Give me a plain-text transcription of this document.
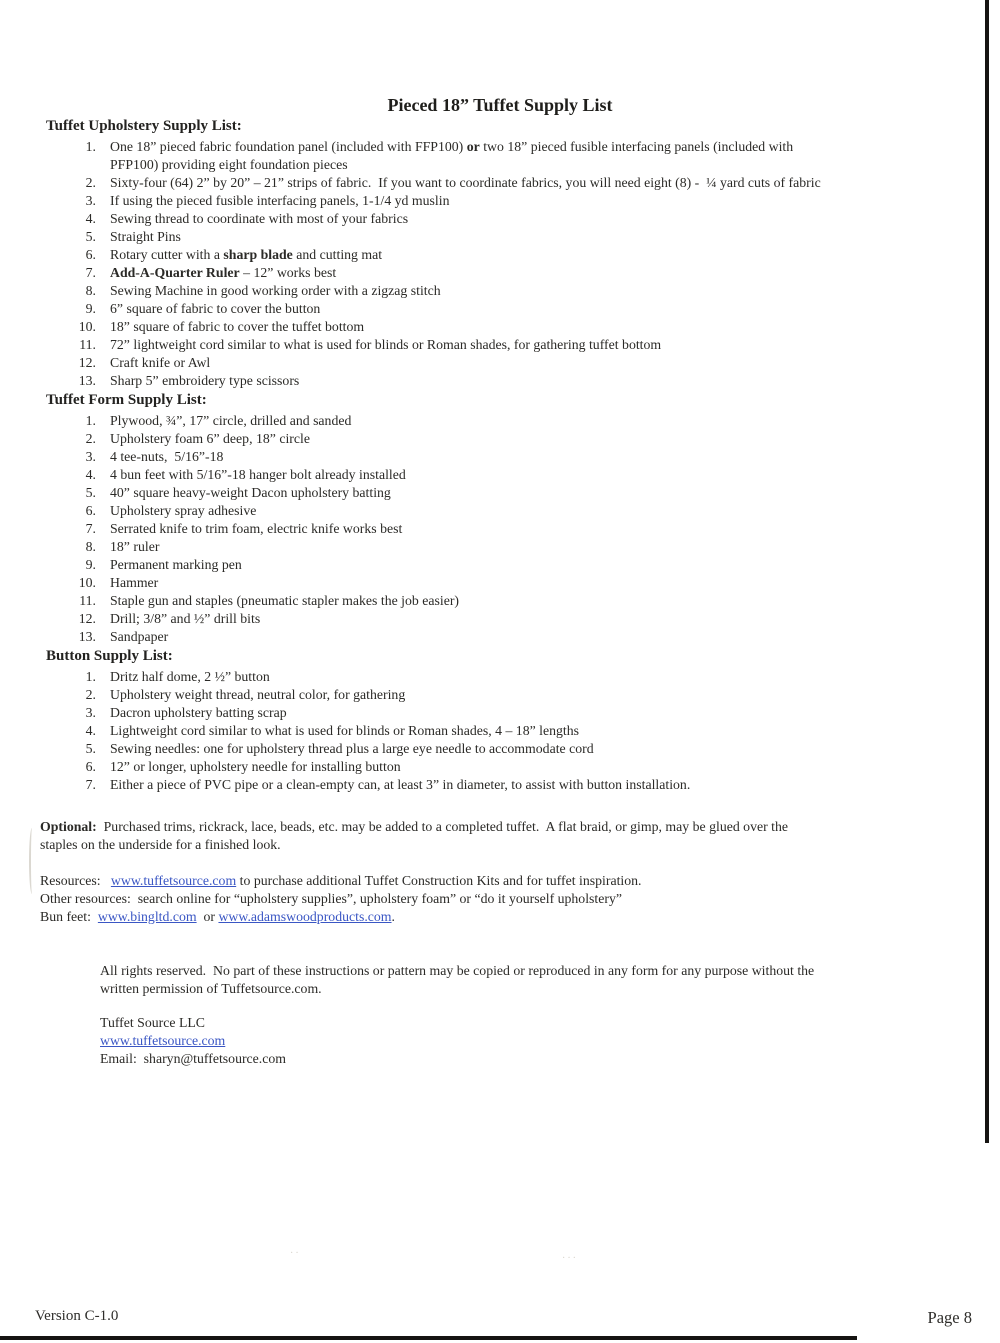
Pieced 18” Tuffet Supply List
Tuffet Upholstery Supply List:
1. One 18” pieced fabric foundation panel (included with FFP100) or two 18” pieced fusible interfacing panels (included with
PFP100) providing eight foundation pieces
2. Sixty-four (64) 2” by 20” – 21” strips of fabric.  If you want to coordinate fabrics, you will need eight (8) -  ¼ yard cuts of fabric
3. If using the pieced fusible interfacing panels, 1-1/4 yd muslin
4. Sewing thread to coordinate with most of your fabrics
5. Straight Pins
6. Rotary cutter with a sharp blade and cutting mat
7. Add-A-Quarter Ruler – 12” works best
8. Sewing Machine in good working order with a zigzag stitch
9. 6” square of fabric to cover the button
10. 18” square of fabric to cover the tuffet bottom
11. 72” lightweight cord similar to what is used for blinds or Roman shades, for gathering tuffet bottom
12. Craft knife or Awl
13. Sharp 5” embroidery type scissors
Tuffet Form Supply List:
1. Plywood, ¾”, 17” circle, drilled and sanded
2. Upholstery foam 6” deep, 18” circle
3. 4 tee-nuts,  5/16”-18
4. 4 bun feet with 5/16”-18 hanger bolt already installed
5. 40” square heavy-weight Dacon upholstery batting
6. Upholstery spray adhesive
7. Serrated knife to trim foam, electric knife works best
8. 18” ruler
9. Permanent marking pen
10. Hammer
11. Staple gun and staples (pneumatic stapler makes the job easier)
12. Drill; 3/8” and ½” drill bits
13. Sandpaper
Button Supply List:
1. Dritz half dome, 2 ½” button
2. Upholstery weight thread, neutral color, for gathering
3. Dacron upholstery batting scrap
4. Lightweight cord similar to what is used for blinds or Roman shades, 4 – 18” lengths
5. Sewing needles: one for upholstery thread plus a large eye needle to accommodate cord
6. 12” or longer, upholstery needle for installing button
7. Either a piece of PVC pipe or a clean-empty can, at least 3” in diameter, to assist with button installation.
Optional:  Purchased trims, rickrack, lace, beads, etc. may be added to a completed tuffet.  A flat braid, or gimp, may be glued over the
staples on the underside for a finished look.
Resources:   www.tuffetsource.com to purchase additional Tuffet Construction Kits and for tuffet inspiration.
Other resources:  search online for “upholstery supplies”, upholstery foam” or “do it yourself upholstery”
Bun feet:  www.bingltd.com  or www.adamswoodproducts.com.
All rights reserved.  No part of these instructions or pattern may be copied or reproduced in any form for any purpose without the
written permission of Tuffetsource.com.
Tuffet Source LLC
www.tuffetsource.com
Email:  sharyn@tuffetsource.com
Version C-1.0	Page 8
··	···
